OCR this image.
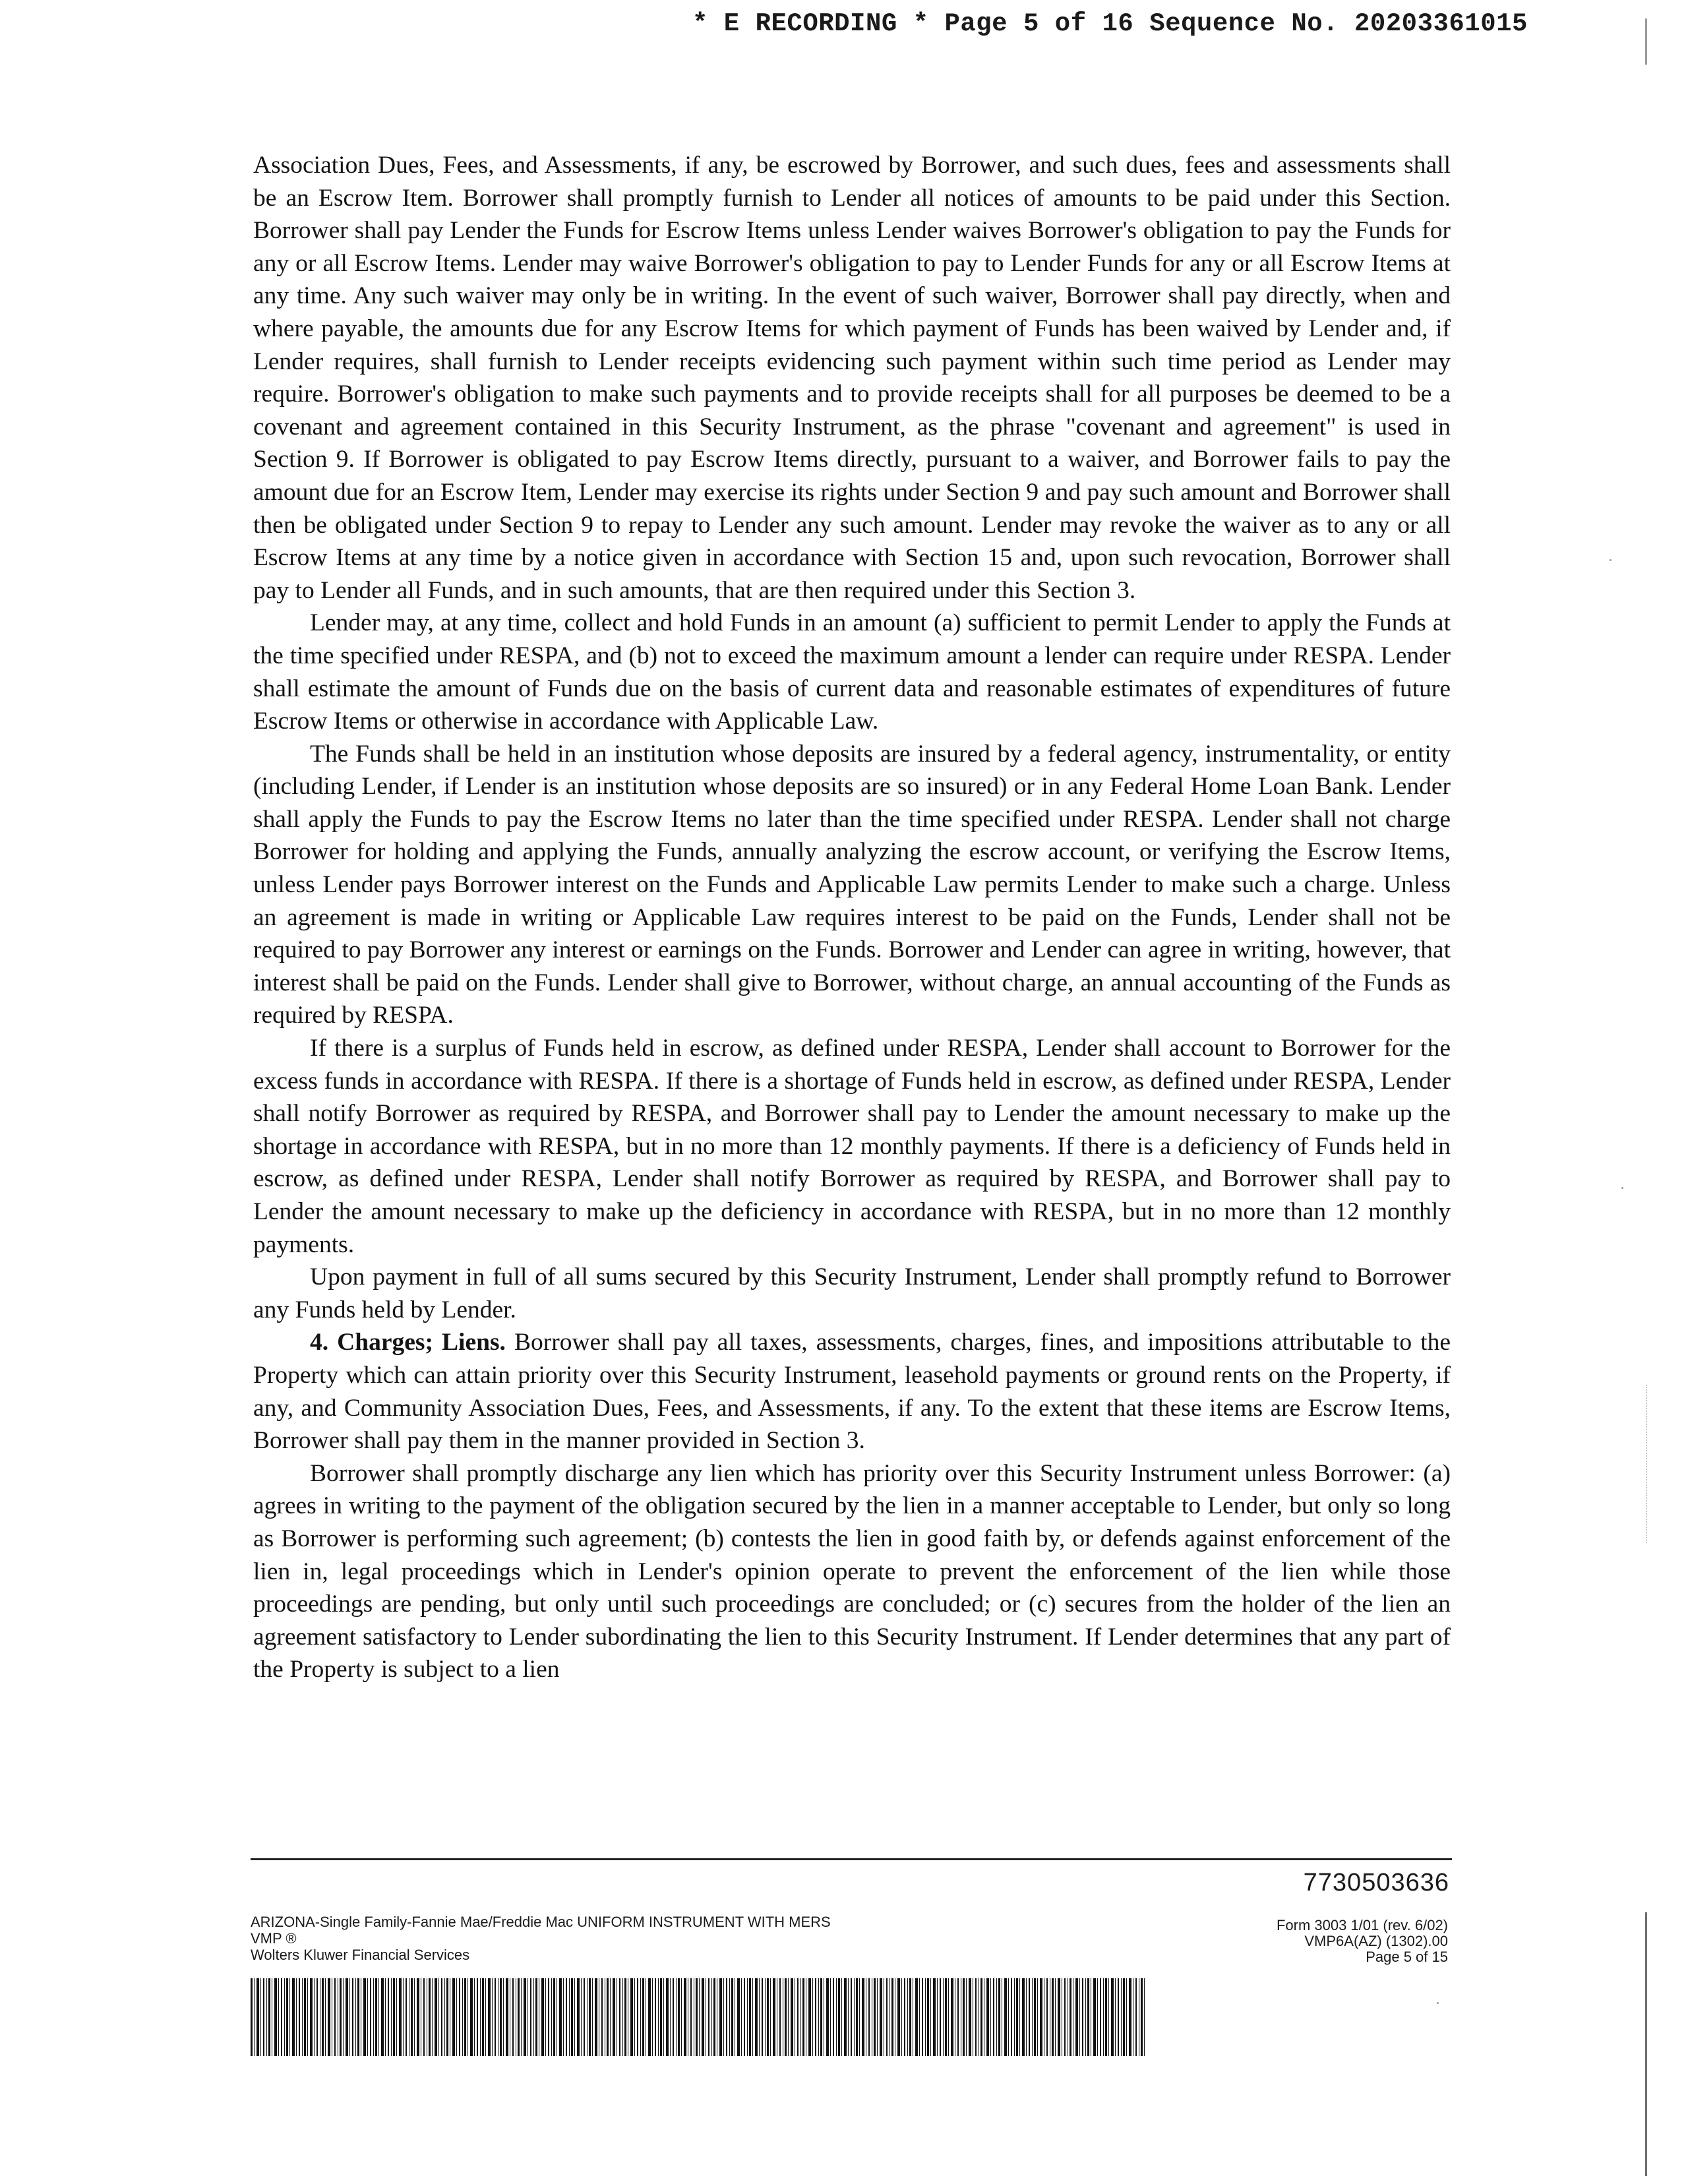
* E RECORDING * Page 5 of 16 Sequence No. 20203361015

Association Dues, Fees, and Assessments, if any, be escrowed by Borrower, and such dues, fees and assessments shall be an Escrow Item. Borrower shall promptly furnish to Lender all notices of amounts to be paid under this Section. Borrower shall pay Lender the Funds for Escrow Items unless Lender waives Borrower's obligation to pay the Funds for any or all Escrow Items. Lender may waive Borrower's obligation to pay to Lender Funds for any or all Escrow Items at any time. Any such waiver may only be in writing. In the event of such waiver, Borrower shall pay directly, when and where payable, the amounts due for any Escrow Items for which payment of Funds has been waived by Lender and, if Lender requires, shall furnish to Lender receipts evidencing such payment within such time period as Lender may require. Borrower's obligation to make such payments and to provide receipts shall for all purposes be deemed to be a covenant and agreement contained in this Security Instrument, as the phrase "covenant and agreement" is used in Section 9. If Borrower is obligated to pay Escrow Items directly, pursuant to a waiver, and Borrower fails to pay the amount due for an Escrow Item, Lender may exercise its rights under Section 9 and pay such amount and Borrower shall then be obligated under Section 9 to repay to Lender any such amount. Lender may revoke the waiver as to any or all Escrow Items at any time by a notice given in accordance with Section 15 and, upon such revocation, Borrower shall pay to Lender all Funds, and in such amounts, that are then required under this Section 3.

Lender may, at any time, collect and hold Funds in an amount (a) sufficient to permit Lender to apply the Funds at the time specified under RESPA, and (b) not to exceed the maximum amount a lender can require under RESPA. Lender shall estimate the amount of Funds due on the basis of current data and reasonable estimates of expenditures of future Escrow Items or otherwise in accordance with Applicable Law.

The Funds shall be held in an institution whose deposits are insured by a federal agency, instrumentality, or entity (including Lender, if Lender is an institution whose deposits are so insured) or in any Federal Home Loan Bank. Lender shall apply the Funds to pay the Escrow Items no later than the time specified under RESPA. Lender shall not charge Borrower for holding and applying the Funds, annually analyzing the escrow account, or verifying the Escrow Items, unless Lender pays Borrower interest on the Funds and Applicable Law permits Lender to make such a charge. Unless an agreement is made in writing or Applicable Law requires interest to be paid on the Funds, Lender shall not be required to pay Borrower any interest or earnings on the Funds. Borrower and Lender can agree in writing, however, that interest shall be paid on the Funds. Lender shall give to Borrower, without charge, an annual accounting of the Funds as required by RESPA.

If there is a surplus of Funds held in escrow, as defined under RESPA, Lender shall account to Borrower for the excess funds in accordance with RESPA. If there is a shortage of Funds held in escrow, as defined under RESPA, Lender shall notify Borrower as required by RESPA, and Borrower shall pay to Lender the amount necessary to make up the shortage in accordance with RESPA, but in no more than 12 monthly payments. If there is a deficiency of Funds held in escrow, as defined under RESPA, Lender shall notify Borrower as required by RESPA, and Borrower shall pay to Lender the amount necessary to make up the deficiency in accordance with RESPA, but in no more than 12 monthly payments.

Upon payment in full of all sums secured by this Security Instrument, Lender shall promptly refund to Borrower any Funds held by Lender.

4. Charges; Liens. Borrower shall pay all taxes, assessments, charges, fines, and impositions attributable to the Property which can attain priority over this Security Instrument, leasehold payments or ground rents on the Property, if any, and Community Association Dues, Fees, and Assessments, if any. To the extent that these items are Escrow Items, Borrower shall pay them in the manner provided in Section 3.

Borrower shall promptly discharge any lien which has priority over this Security Instrument unless Borrower: (a) agrees in writing to the payment of the obligation secured by the lien in a manner acceptable to Lender, but only so long as Borrower is performing such agreement; (b) contests the lien in good faith by, or defends against enforcement of the lien in, legal proceedings which in Lender's opinion operate to prevent the enforcement of the lien while those proceedings are pending, but only until such proceedings are concluded; or (c) secures from the holder of the lien an agreement satisfactory to Lender subordinating the lien to this Security Instrument. If Lender determines that any part of the Property is subject to a lien

7730503636
ARIZONA-Single Family-Fannie Mae/Freddie Mac UNIFORM INSTRUMENT WITH MERS
VMP ®
Wolters Kluwer Financial Services
Form 3003 1/01 (rev. 6/02)
VMP6A(AZ) (1302).00
Page 5 of 15
